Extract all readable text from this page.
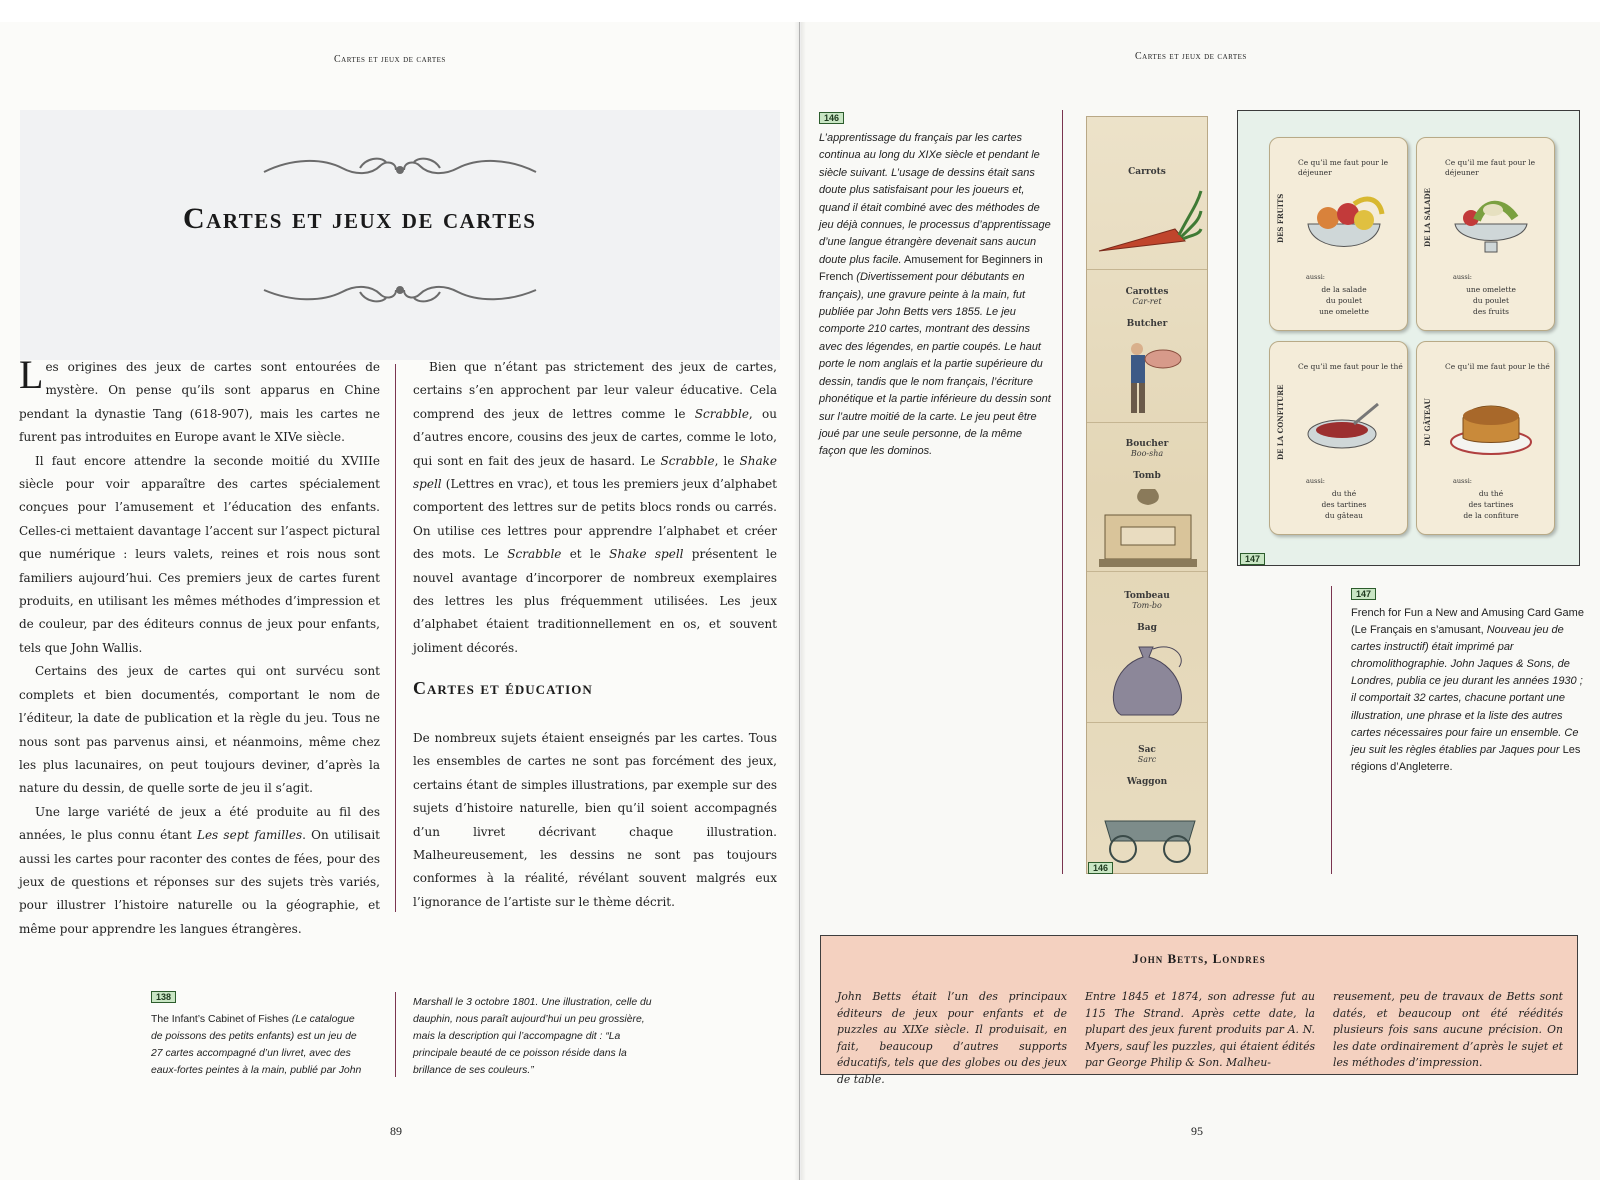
Cartes et jeux de cartes
Cartes et jeux de cartes

Les origines des jeux de cartes sont entourées de mystère. On pense qu’ils sont apparus en Chine pendant la dynastie Tang (618-907), mais les cartes ne furent pas introduites en Europe avant le XIVe siècle.

Il faut encore attendre la seconde moitié du XVIIIe siècle pour voir apparaître des cartes spécialement conçues pour l’amusement et l’éducation des enfants. Celles-ci mettaient davantage l’accent sur l’aspect pictural que numérique : leurs valets, reines et rois nous sont familiers aujourd’hui. Ces premiers jeux de cartes furent produits, en utilisant les mêmes méthodes d’impression et de couleur, par des éditeurs connus de jeux pour enfants, tels que John Wallis.

Certains des jeux de cartes qui ont survécu sont complets et bien documentés, comportant le nom de l’éditeur, la date de publication et la règle du jeu. Tous ne nous sont pas parvenus ainsi, et néanmoins, même chez les plus lacunaires, on peut toujours deviner, d’après la nature du dessin, de quelle sorte de jeu il s’agit.

Une large variété de jeux a été produite au fil des années, le plus connu étant Les sept familles. On utilisait aussi les cartes pour raconter des contes de fées, pour des jeux de questions et réponses sur des sujets très variés, pour illustrer l’histoire naturelle ou la géographie, et même pour apprendre les langues étrangères.

Bien que n’étant pas strictement des jeux de cartes, certains s’en approchent par leur valeur éducative. Cela comprend des jeux de lettres comme le Scrabble, ou d’autres encore, cousins des jeux de cartes, comme le loto, qui sont en fait des jeux de hasard. Le Scrabble, le Shake spell (Lettres en vrac), et tous les premiers jeux d’alphabet comportent des lettres sur de petits blocs ronds ou carrés. On utilise ces lettres pour apprendre l’alphabet et créer des mots. Le Scrabble et le Shake spell présentent le nouvel avantage d’incorporer de nombreux exemplaires des lettres les plus fréquemment utilisées. Les jeux d’alphabet étaient traditionnellement en os, et souvent joliment décorés.

Cartes et éducation

De nombreux sujets étaient enseignés par les cartes. Tous les ensembles de cartes ne sont pas forcément des jeux, certains étant de simples illustrations, par exemple sur des sujets d’histoire naturelle, bien qu’il soient accompagnés d’un livret décrivant chaque illustration. Malheureusement, les dessins ne sont pas toujours conformes à la réalité, révélant souvent malgrés eux l’ignorance de l’artiste sur le thème décrit.

138
The Infant’s Cabinet of Fishes (Le catalogue de poissons des petits enfants) est un jeu de 27 cartes accompagné d’un livret, avec des eaux-fortes peintes à la main, publié par John
Marshall le 3 octobre 1801. Une illustration, celle du dauphin, nous paraît aujourd’hui un peu grossière, mais la description qui l’accompagne dit : “La principale beauté de ce poisson réside dans la brillance de ses couleurs.”
89
Cartes et jeux de cartes
146
L’apprentissage du français par les cartes continua au long du XIXe siècle et pendant le siècle suivant. L’usage de dessins était sans doute plus satisfaisant pour les joueurs et, quand il était combiné avec des méthodes de jeu déjà connues, le processus d’apprentissage d’une langue étrangère devenait sans aucun doute plus facile. Amusement for Beginners in French (Divertissement pour débutants en français), une gravure peinte à la main, fut publiée par John Betts vers 1855. Le jeu comporte 210 cartes, montrant des dessins avec des légendes, en partie coupés. Le haut porte le nom anglais et la partie supérieure du dessin, tandis que le nom français, l’écriture phonétique et la partie inférieure du dessin sont sur l’autre moitié de la carte. Le jeu peut être joué par une seule personne, de la même façon que les dominos.
Carrots
Carottes
Car-ret
Butcher
Boucher
Boo-sha
Tomb
Tombeau
Tom-bo
Bag
Sac
Sarc
Waggon
146
DES FRUITS
Ce qu’il me faut pour le déjeuner
aussi:
de la salade
du poulet
une omelette
DE LA SALADE
Ce qu’il me faut pour le déjeuner
aussi:
une omelette
du poulet
des fruits
DE LA CONFITURE
Ce qu’il me faut pour le thé
aussi:
du thé
des tartines
du gâteau
DU GÂTEAU
Ce qu’il me faut pour le thé
aussi:
du thé
des tartines
de la confiture
147
147
French for Fun a New and Amusing Card Game (Le Français en s’amusant, Nouveau jeu de cartes instructif) était imprimé par chromolithographie. John Jaques & Sons, de Londres, publia ce jeu durant les années 1930 ; il comportait 32 cartes, chacune portant une illustration, une phrase et la liste des autres cartes nécessaires pour faire un ensemble. Ce jeu suit les règles établies par Jaques pour Les régions d’Angleterre.
John Betts, Londres
John Betts était l’un des principaux éditeurs de jeux pour enfants et de puzzles au XIXe siècle. Il produisait, en fait, beaucoup d’autres supports éducatifs, tels que des globes ou des jeux de table.
Entre 1845 et 1874, son adresse fut au 115 The Strand. Après cette date, la plupart des jeux furent produits par A. N. Myers, sauf les puzzles, qui étaient édités par George Philip & Son. Malheu-
reusement, peu de travaux de Betts sont datés, et beaucoup ont été réédités plusieurs fois sans aucune précision. On les date ordinairement d’après le sujet et les méthodes d’impression.
95
